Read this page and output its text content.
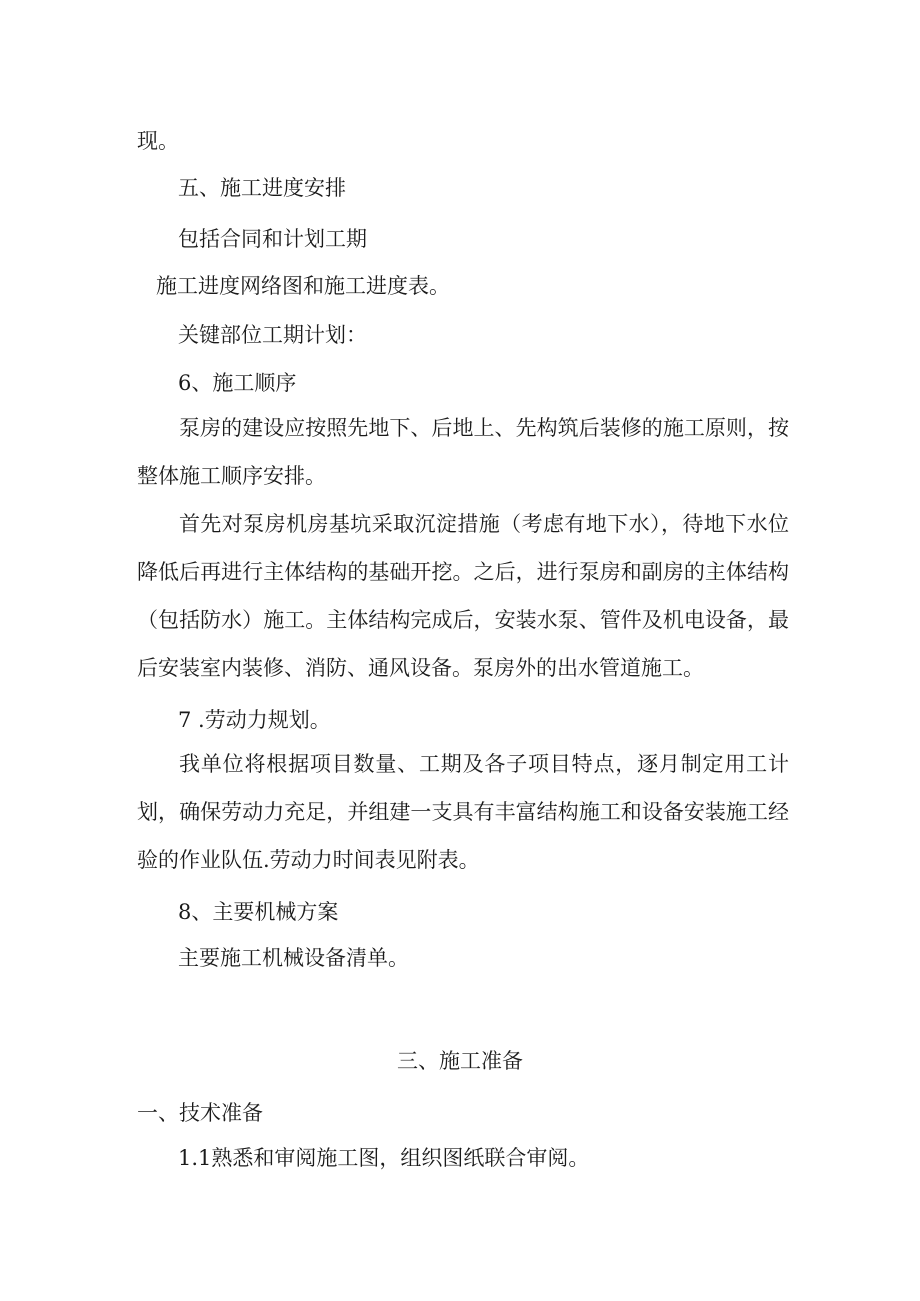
现。
五、施工进度安排
包括合同和计划工期
施工进度网络图和施工进度表。
关键部位工期计划：
6、施工顺序
泵房的建设应按照先地下、后地上、先构筑后装修的施工原则，按整体施工顺序安排。
首先对泵房机房基坑采取沉淀措施（考虑有地下水），待地下水位降低后再进行主体结构的基础开挖。之后，进行泵房和副房的主体结构（包括防水）施工。主体结构完成后，安装水泵、管件及机电设备，最后安装室内装修、消防、通风设备。泵房外的出水管道施工。
7 .劳动力规划。
我单位将根据项目数量、工期及各子项目特点，逐月制定用工计划，确保劳动力充足，并组建一支具有丰富结构施工和设备安装施工经验的作业队伍.劳动力时间表见附表。
8、主要机械方案
主要施工机械设备清单。
三、施工准备
一、技术准备
1.1熟悉和审阅施工图，组织图纸联合审阅。
